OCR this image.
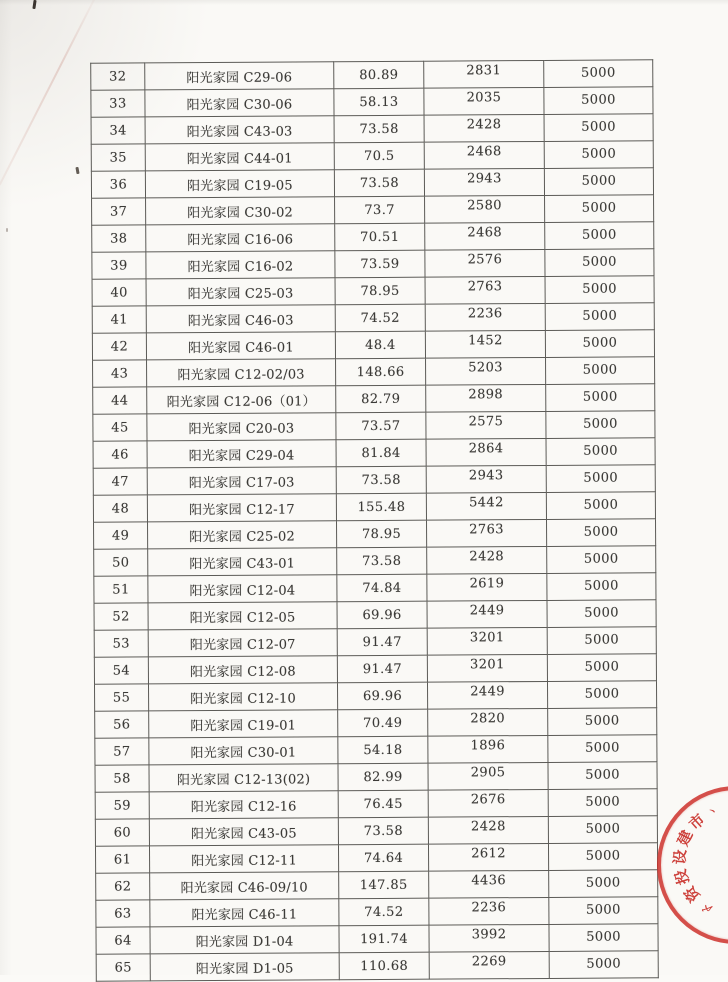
32	阳光家园 C29-06	80.89	2831	5000
33	阳光家园 C30-06	58.13	2035	5000
34	阳光家园 C43-03	73.58	2428	5000
35	阳光家园 C44-01	70.5	2468	5000
36	阳光家园 C19-05	73.58	2943	5000
37	阳光家园 C30-02	73.7	2580	5000
38	阳光家园 C16-06	70.51	2468	5000
39	阳光家园 C16-02	73.59	2576	5000
40	阳光家园 C25-03	78.95	2763	5000
41	阳光家园 C46-03	74.52	2236	5000
42	阳光家园 C46-01	48.4	1452	5000
43	阳光家园 C12-02/03	148.66	5203	5000
44	阳光家园 C12-06（01）	82.79	2898	5000
45	阳光家园 C20-03	73.57	2575	5000
46	阳光家园 C29-04	81.84	2864	5000
47	阳光家园 C17-03	73.58	2943	5000
48	阳光家园 C12-17	155.48	5442	5000
49	阳光家园 C25-02	78.95	2763	5000
50	阳光家园 C43-01	73.58	2428	5000
51	阳光家园 C12-04	74.84	2619	5000
52	阳光家园 C12-05	69.96	2449	5000
53	阳光家园 C12-07	91.47	3201	5000
54	阳光家园 C12-08	91.47	3201	5000
55	阳光家园 C12-10	69.96	2449	5000
56	阳光家园 C19-01	70.49	2820	5000
57	阳光家园 C30-01	54.18	1896	5000
58	阳光家园 C12-13(02)	82.99	2905	5000
59	阳光家园 C12-16	76.45	2676	5000
60	阳光家园 C43-05	73.58	2428	5000
61	阳光家园 C12-11	74.64	2612	5000
62	阳光家园 C46-09/10	147.85	4436	5000
63	阳光家园 C46-11	74.52	2236	5000
64	阳光家园 D1-04	191.74	3992	5000
65	阳光家园 D1-05	110.68	2269	5000
丶
市
建
设
投
资
〆
